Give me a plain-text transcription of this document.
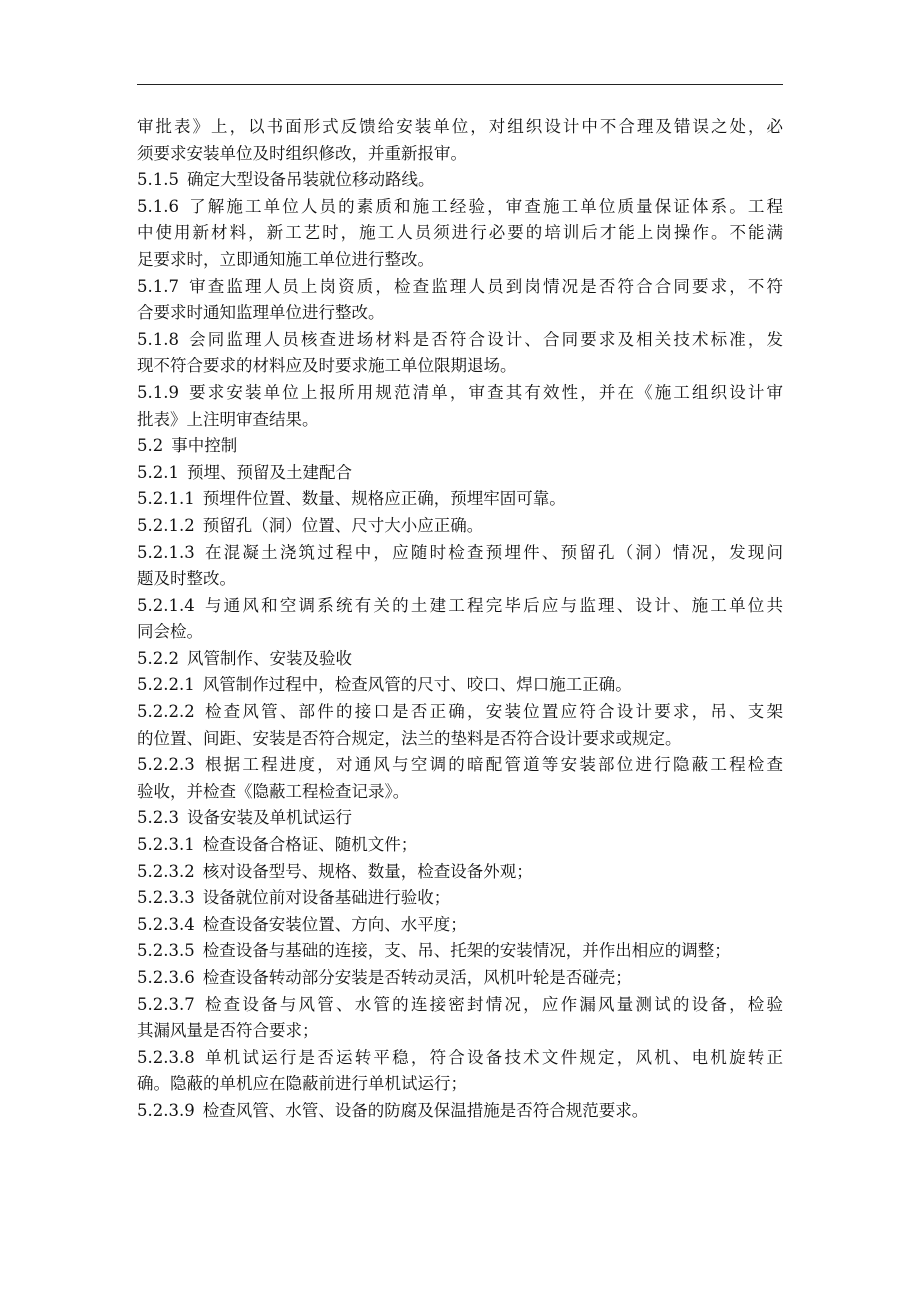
审批表》上，以书面形式反馈给安装单位，对组织设计中不合理及错误之处，必
须要求安装单位及时组织修改，并重新报审。
5.1.5 确定大型设备吊装就位移动路线。
5.1.6 了解施工单位人员的素质和施工经验，审查施工单位质量保证体系。工程
中使用新材料，新工艺时，施工人员须进行必要的培训后才能上岗操作。不能满
足要求时，立即通知施工单位进行整改。
5.1.7 审查监理人员上岗资质，检查监理人员到岗情况是否符合合同要求，不符
合要求时通知监理单位进行整改。
5.1.8 会同监理人员核查进场材料是否符合设计、合同要求及相关技术标准，发
现不符合要求的材料应及时要求施工单位限期退场。
5.1.9 要求安装单位上报所用规范清单，审查其有效性，并在《施工组织设计审
批表》上注明审查结果。
5.2 事中控制
5.2.1 预埋、预留及土建配合
5.2.1.1 预埋件位置、数量、规格应正确，预埋牢固可靠。
5.2.1.2 预留孔（洞）位置、尺寸大小应正确。
5.2.1.3 在混凝土浇筑过程中，应随时检查预埋件、预留孔（洞）情况，发现问
题及时整改。
5.2.1.4 与通风和空调系统有关的土建工程完毕后应与监理、设计、施工单位共
同会检。
5.2.2 风管制作、安装及验收
5.2.2.1 风管制作过程中，检查风管的尺寸、咬口、焊口施工正确。
5.2.2.2 检查风管、部件的接口是否正确，安装位置应符合设计要求，吊、支架
的位置、间距、安装是否符合规定，法兰的垫料是否符合设计要求或规定。
5.2.2.3 根据工程进度，对通风与空调的暗配管道等安装部位进行隐蔽工程检查
验收，并检查《隐蔽工程检查记录》。
5.2.3 设备安装及单机试运行
5.2.3.1 检查设备合格证、随机文件；
5.2.3.2 核对设备型号、规格、数量，检查设备外观；
5.2.3.3 设备就位前对设备基础进行验收；
5.2.3.4 检查设备安装位置、方向、水平度；
5.2.3.5 检查设备与基础的连接，支、吊、托架的安装情况，并作出相应的调整；
5.2.3.6 检查设备转动部分安装是否转动灵活，风机叶轮是否碰壳；
5.2.3.7 检查设备与风管、水管的连接密封情况，应作漏风量测试的设备，检验
其漏风量是否符合要求；
5.2.3.8 单机试运行是否运转平稳，符合设备技术文件规定，风机、电机旋转正
确。隐蔽的单机应在隐蔽前进行单机试运行；
5.2.3.9 检查风管、水管、设备的防腐及保温措施是否符合规范要求。
